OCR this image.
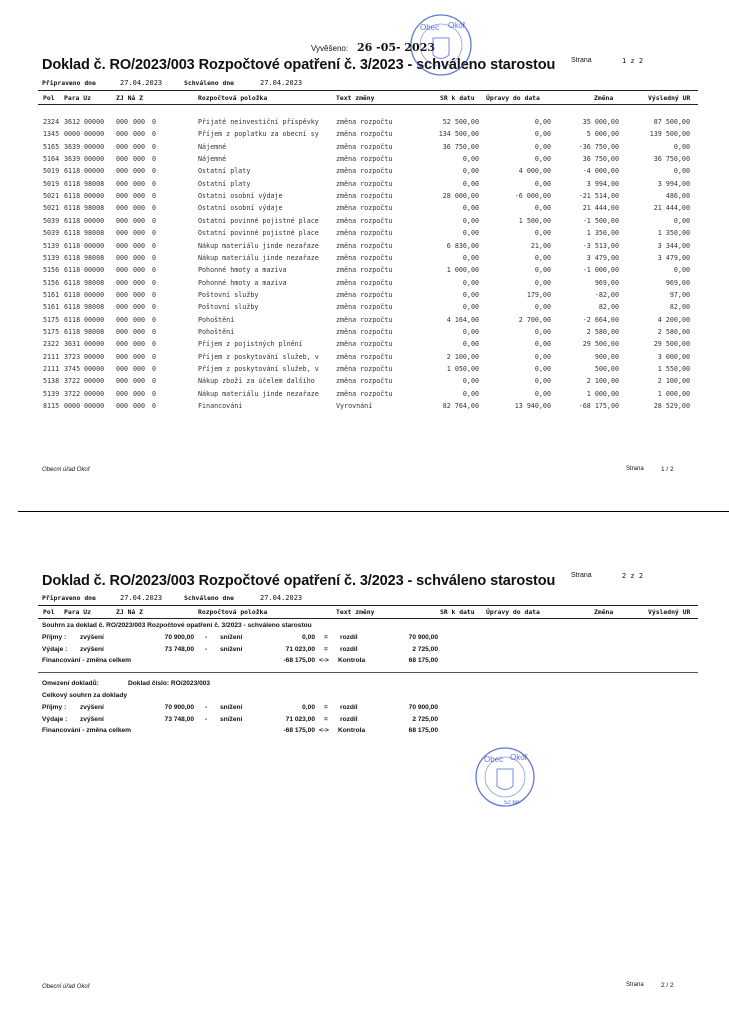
Vyvěšeno: 26 -05- 2023
Doklad č. RO/2023/003 Rozpočtové opatření č. 3/2023 - schváleno starostou Strana	1 z 2
Připraveno dne	27.04.2023	Schváleno dne	27.04.2023
Pol Para Uz	ZJ Ná Z	Rozpočtová položka	Text změny	SR k datu Úpravy do data	Změna	Výsledný UR
2324 3612 00000 000 000 0	Přijaté neinvestiční příspěvky	změna rozpočtu	52 500,00	0,00	35 000,00	87 500,00
1345 0000 00000 000 000 0	Příjem z poplatku za obecní sy	změna rozpočtu	134 500,00	0,00	5 000,00	139 500,00
5165 3639 00000 000 000 0	Nájemné	změna rozpočtu	36 750,00	0,00	-36 750,00	0,00
5164 3639 00000 000 000 0	Nájemné	změna rozpočtu	0,00	0,00	36 750,00	36 750,00
5019 6118 00000 000 000 0	Ostatní platy	změna rozpočtu	0,00	4 000,00	-4 000,00	0,00
5019 6118 98008 000 000 0	Ostatní platy	změna rozpočtu	0,00	0,00	3 994,00	3 994,00
5021 6118 00000 000 000 0	Ostatní osobní výdaje	změna rozpočtu	28 000,00	-6 000,00	-21 514,00	486,00
5021 6118 98008 000 000 0	Ostatní osobní výdaje	změna rozpočtu	0,00	0,00	21 444,00	21 444,00
5039 6118 00000 000 000 0	Ostatní povinné pojistné place	změna rozpočtu	0,00	1 500,00	-1 500,00	0,00
5039 6118 98008 000 000 0	Ostatní povinné pojistné place	změna rozpočtu	0,00	0,00	1 350,00	1 350,00
5139 6118 00000 000 000 0	Nákup materiálu jinde nezařaze	změna rozpočtu	6 836,00	21,00	-3 513,00	3 344,00
5139 6118 98008 000 000 0	Nákup materiálu jinde nezařaze	změna rozpočtu	0,00	0,00	3 479,00	3 479,00
5156 6118 00000 000 000 0	Pohonné hmoty a maziva	změna rozpočtu	1 000,00	0,00	-1 000,00	0,00
5156 6118 98008 000 000 0	Pohonné hmoty a maziva	změna rozpočtu	0,00	0,00	969,00	969,00
5161 6118 00000 000 000 0	Poštovní služby	změna rozpočtu	0,00	179,00	-82,00	97,00
5161 6118 98008 000 000 0	Poštovní služby	změna rozpočtu	0,00	0,00	82,00	82,00
5175 6118 00000 000 000 0	Pohoštění	změna rozpočtu	4 164,00	2 700,00	-2 664,00	4 200,00
5175 6118 98008 000 000 0	Pohoštění	změna rozpočtu	0,00	0,00	2 580,00	2 580,00
2322 3631 00000 000 000 0	Příjem z pojistných plnění	změna rozpočtu	0,00	0,00	29 500,00	29 500,00
2111 3723 00000 000 000 0	Příjem z poskytování služeb, v	změna rozpočtu	2 100,00	0,00	900,00	3 000,00
2111 3745 00000 000 000 0	Příjem z poskytování služeb, v	změna rozpočtu	1 050,00	0,00	500,00	1 550,00
5138 3722 00000 000 000 0	Nákup zboží za účelem dalšího	změna rozpočtu	0,00	0,00	2 100,00	2 100,00
5139 3722 00000 000 000 0	Nákup materiálu jinde nezařaze	změna rozpočtu	0,00	0,00	1 000,00	1 000,00
8115 0000 00000 000 000 0	Financování	Vyrovnání	82 764,00	13 940,00	-68 175,00	28 529,00
Obecní úřad Okoř	Strana	1 / 2
Doklad č. RO/2023/003 Rozpočtové opatření č. 3/2023 - schváleno starostou Strana	2 z 2
Připraveno dne	27.04.2023	Schváleno dne	27.04.2023
Pol Para Uz	ZJ Ná Z	Rozpočtová položka	Text změny	SR k datu Úpravy do data	Změna	Výsledný UR
Souhrn za doklad č. RO/2023/003 Rozpočtové opatření č. 3/2023 - schváleno starostou
Příjmy : zvýšení	70 900,00 - snížení	0,00 = rozdíl	70 900,00
Výdaje : zvýšení	73 748,00 - snížení	71 023,00 = rozdíl	2 725,00
Financování - změna celkem	-68 175,00 <-> Kontrola	68 175,00
Omezení dokladů:	Doklad číslo: RO/2023/003
Celkový souhrn za doklady
Příjmy : zvýšení	70 900,00 - snížení	0,00 = rozdíl	70 900,00
Výdaje : zvýšení	73 748,00 - snížení	71 023,00 = rozdíl	2 725,00
Financování - změna celkem	-68 175,00 <-> Kontrola	68 175,00
Obecní úřad Okoř	Strana	2 / 2
Obec Okoř
Obec Okoř
52 68
